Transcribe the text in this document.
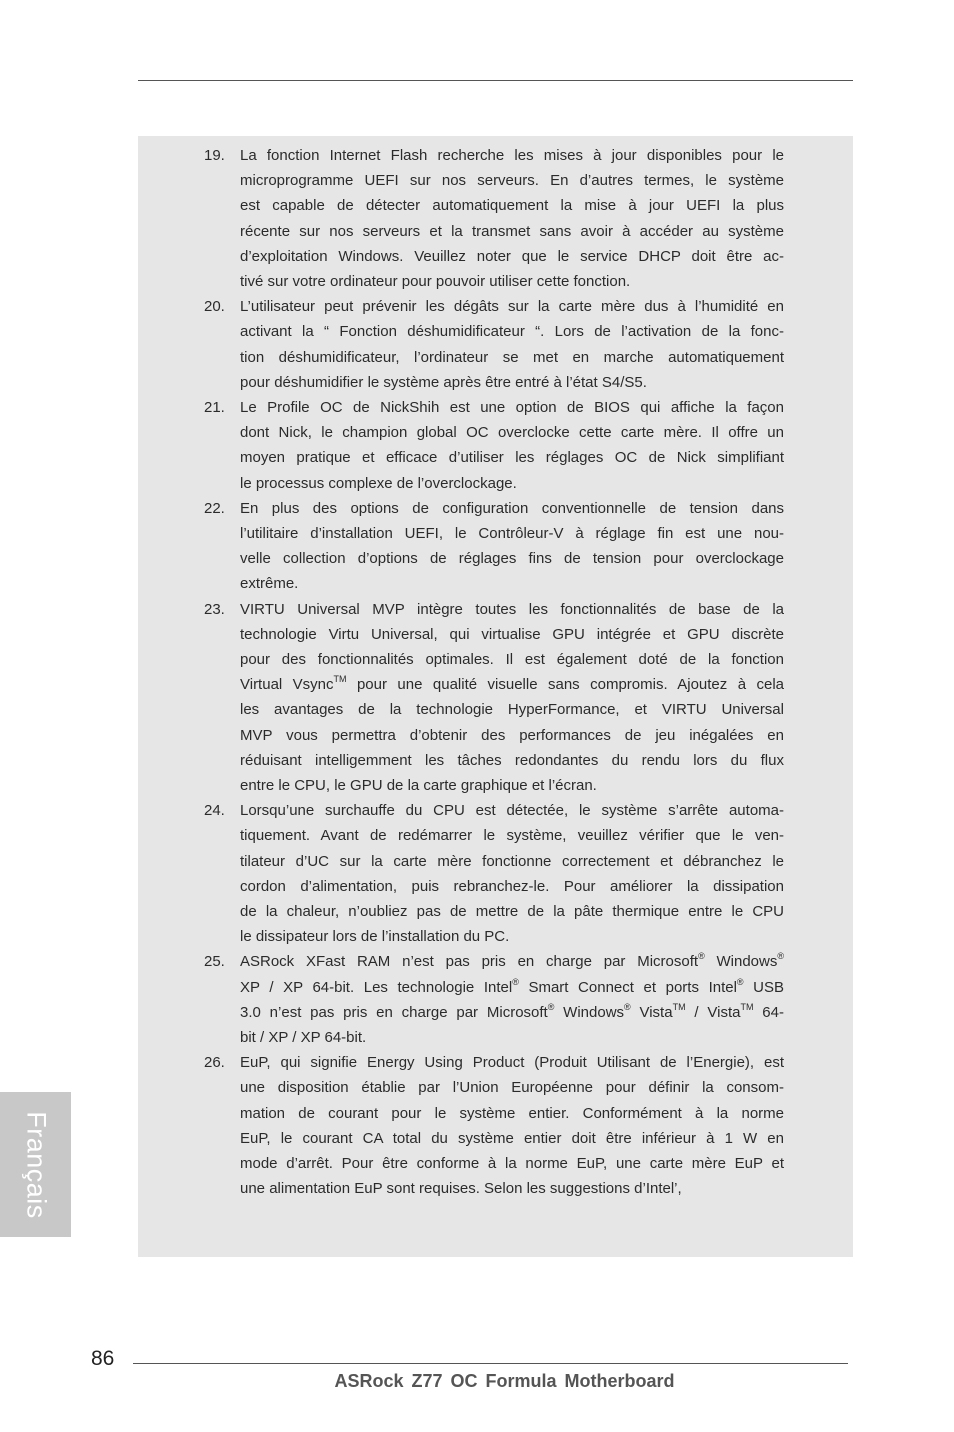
Français
19.	La fonction Internet Flash recherche les mises à jour disponibles pour le
microprogramme UEFI sur nos serveurs. En d’autres termes, le système
est capable de détecter automatiquement la mise à jour UEFI la plus
récente sur nos serveurs et la transmet sans avoir à accéder au système
d’exploitation Windows. Veuillez noter que le service DHCP doit être ac-
tivé sur votre ordinateur pour pouvoir utiliser cette fonction.
20.	L’utilisateur peut prévenir les dégâts sur la carte mère dus à l’humidité en
activant la “ Fonction déshumidificateur “. Lors de l’activation de la fonc-
tion déshumidificateur, l’ordinateur se met en marche automatiquement
pour déshumidifier le système après être entré à l’état S4/S5.
21.	Le Profile OC de NickShih est une option de BIOS qui affiche la façon
dont Nick, le champion global OC overclocke cette carte mère. Il offre un
moyen pratique et efficace d’utiliser les réglages OC de Nick simplifiant
le processus complexe de l’overclockage.
22.	En plus des options de configuration conventionnelle de tension dans
l’utilitaire d’installation UEFI, le Contrôleur-V à réglage fin est une nou-
velle collection d’options de réglages fins de tension pour overclockage
extrême.
23.	VIRTU Universal MVP intègre toutes les fonctionnalités de base de la
technologie Virtu Universal, qui virtualise GPU intégrée et GPU discrète
pour des fonctionnalités optimales. Il est également doté de la fonction
Virtual Vsync™ pour une qualité visuelle sans compromis. Ajoutez à cela
les avantages de la technologie HyperFormance, et VIRTU Universal
MVP vous permettra d’obtenir des performances de jeu inégalées en
réduisant intelligemment les tâches redondantes du rendu lors du flux
entre le CPU, le GPU de la carte graphique et l’écran.
24.	Lorsqu’une surchauffe du CPU est détectée, le système s’arrête automa-
tiquement. Avant de redémarrer le système, veuillez vérifier que le ven-
tilateur d’UC sur la carte mère fonctionne correctement et débranchez le
cordon d’alimentation, puis rebranchez-le. Pour améliorer la dissipation
de la chaleur, n’oubliez pas de mettre de la pâte thermique entre le CPU
le dissipateur lors de l’installation du PC.
25.	ASRock XFast RAM n’est pas pris en charge par Microsoft® Windows®
XP / XP 64-bit. Les technologie Intel® Smart Connect et ports Intel® USB
3.0 n’est pas pris en charge par Microsoft® Windows® Vista™ / Vista™ 64-
bit / XP / XP 64-bit.
26.	EuP, qui signifie Energy Using Product (Produit Utilisant de l’Energie), est
une disposition établie par l’Union Européenne pour définir la consom-
mation de courant pour le système entier. Conformément à la norme
EuP, le courant CA total du système entier doit être inférieur à 1 W en
mode d’arrêt. Pour être conforme à la norme EuP, une carte mère EuP et
une alimentation EuP sont requises. Selon les suggestions d’Intel’,
86
ASRock Z77 OC Formula Motherboard
